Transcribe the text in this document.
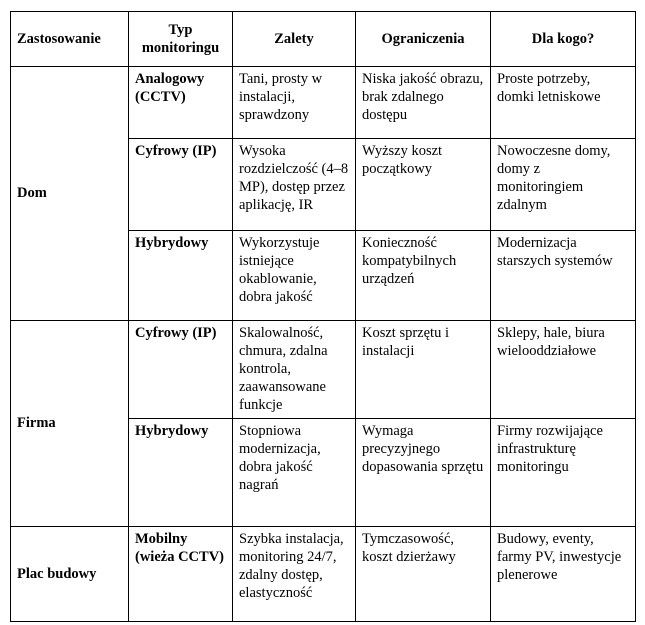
Zastosowanie	Typ monitoringu	Zalety	Ograniczenia	Dla kogo?
Dom	Analogowy (CCTV)	Tani, prosty w instalacji, sprawdzony	Niska jakość obrazu, brak zdalnego dostępu	Proste potrzeby, domki letniskowe
	Cyfrowy (IP)	Wysoka rozdzielczość (4–8 MP), dostęp przez aplikację, IR	Wyższy koszt początkowy	Nowoczesne domy, domy z monitoringiem zdalnym
	Hybrydowy	Wykorzystuje istniejące okablowanie, dobra jakość	Konieczność kompatybilnych urządzeń	Modernizacja starszych systemów
Firma	Cyfrowy (IP)	Skalowalność, chmura, zdalna kontrola, zaawansowane funkcje	Koszt sprzętu i instalacji	Sklepy, hale, biura wielooddziałowe
	Hybrydowy	Stopniowa modernizacja, dobra jakość nagrań	Wymaga precyzyjnego dopasowania sprzętu	Firmy rozwijające infrastrukturę monitoringu
Plac budowy	Mobilny (wieża CCTV)	Szybka instalacja, monitoring 24/7, zdalny dostęp, elastyczność	Tymczasowość, koszt dzierżawy	Budowy, eventy, farmy PV, inwestycje plenerowe
